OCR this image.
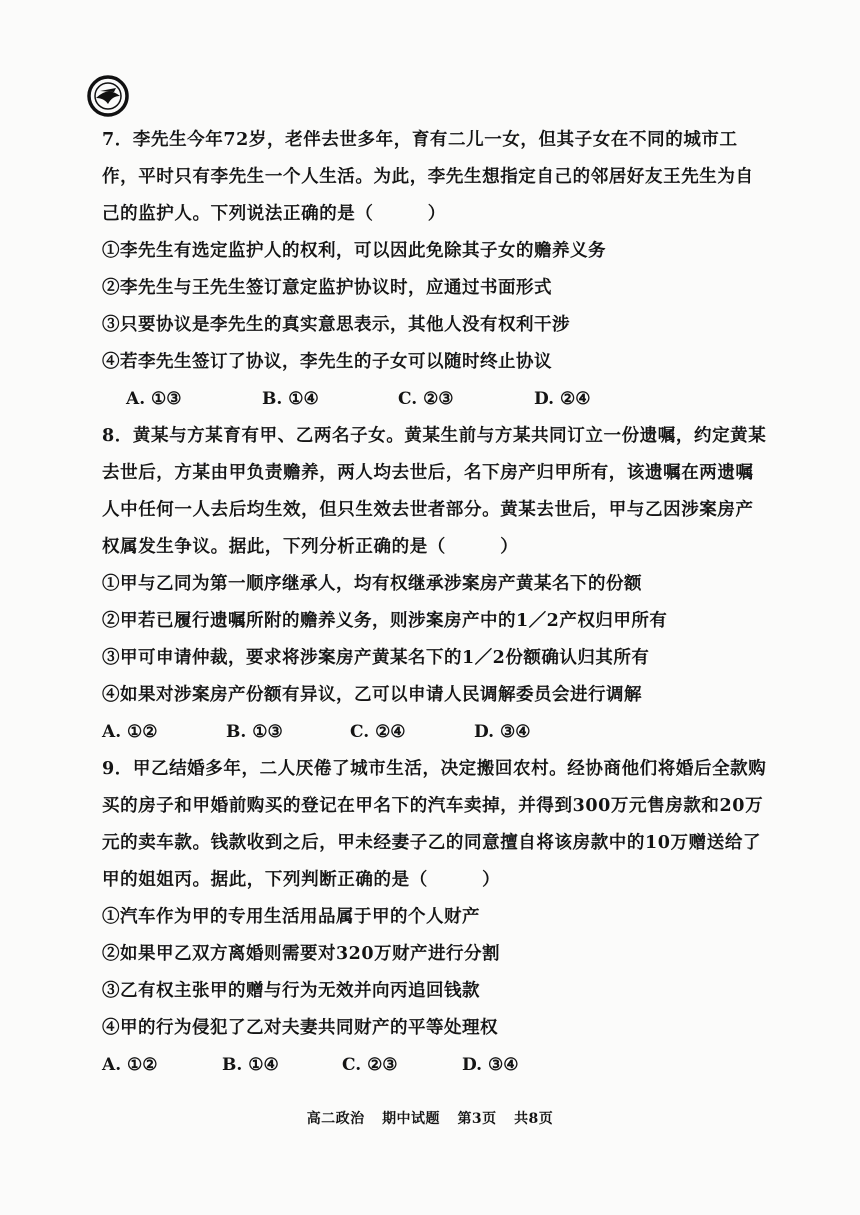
7．李先生今年72岁，老伴去世多年，育有二儿一女，但其子女在不同的城市工作，平时只有李先生一个人生活。为此，李先生想指定自己的邻居好友王先生为自己的监护人。下列说法正确的是（　　　）

①李先生有选定监护人的权利，可以因此免除其子女的赡养义务

②李先生与王先生签订意定监护协议时，应通过书面形式

③只要协议是李先生的真实意思表示，其他人没有权利干涉

④若李先生签订了协议，李先生的子女可以随时终止协议

A. ①③	B. ①④	C. ②③	D. ②④

8．黄某与方某育有甲、乙两名子女。黄某生前与方某共同订立一份遗嘱，约定黄某去世后，方某由甲负责赡养，两人均去世后，名下房产归甲所有，该遗嘱在两遗嘱人中任何一人去后均生效，但只生效去世者部分。黄某去世后，甲与乙因涉案房产权属发生争议。据此，下列分析正确的是（　　　）

①甲与乙同为第一顺序继承人，均有权继承涉案房产黄某名下的份额

②甲若已履行遗嘱所附的赡养义务，则涉案房产中的1／2产权归甲所有

③甲可申请仲裁，要求将涉案房产黄某名下的1／2份额确认归其所有

④如果对涉案房产份额有异议，乙可以申请人民调解委员会进行调解

A. ①②	B. ①③	C. ②④	D. ③④

9．甲乙结婚多年，二人厌倦了城市生活，决定搬回农村。经协商他们将婚后全款购买的房子和甲婚前购买的登记在甲名下的汽车卖掉，并得到300万元售房款和20万元的卖车款。钱款收到之后，甲未经妻子乙的同意擅自将该房款中的10万赠送给了甲的姐姐丙。据此，下列判断正确的是（　　　）

①汽车作为甲的专用生活用品属于甲的个人财产

②如果甲乙双方离婚则需要对320万财产进行分割

③乙有权主张甲的赠与行为无效并向丙追回钱款

④甲的行为侵犯了乙对夫妻共同财产的平等处理权

A. ①②	B. ①④	C. ②③	D. ③④
高二政治 期中试题 第3页 共8页
